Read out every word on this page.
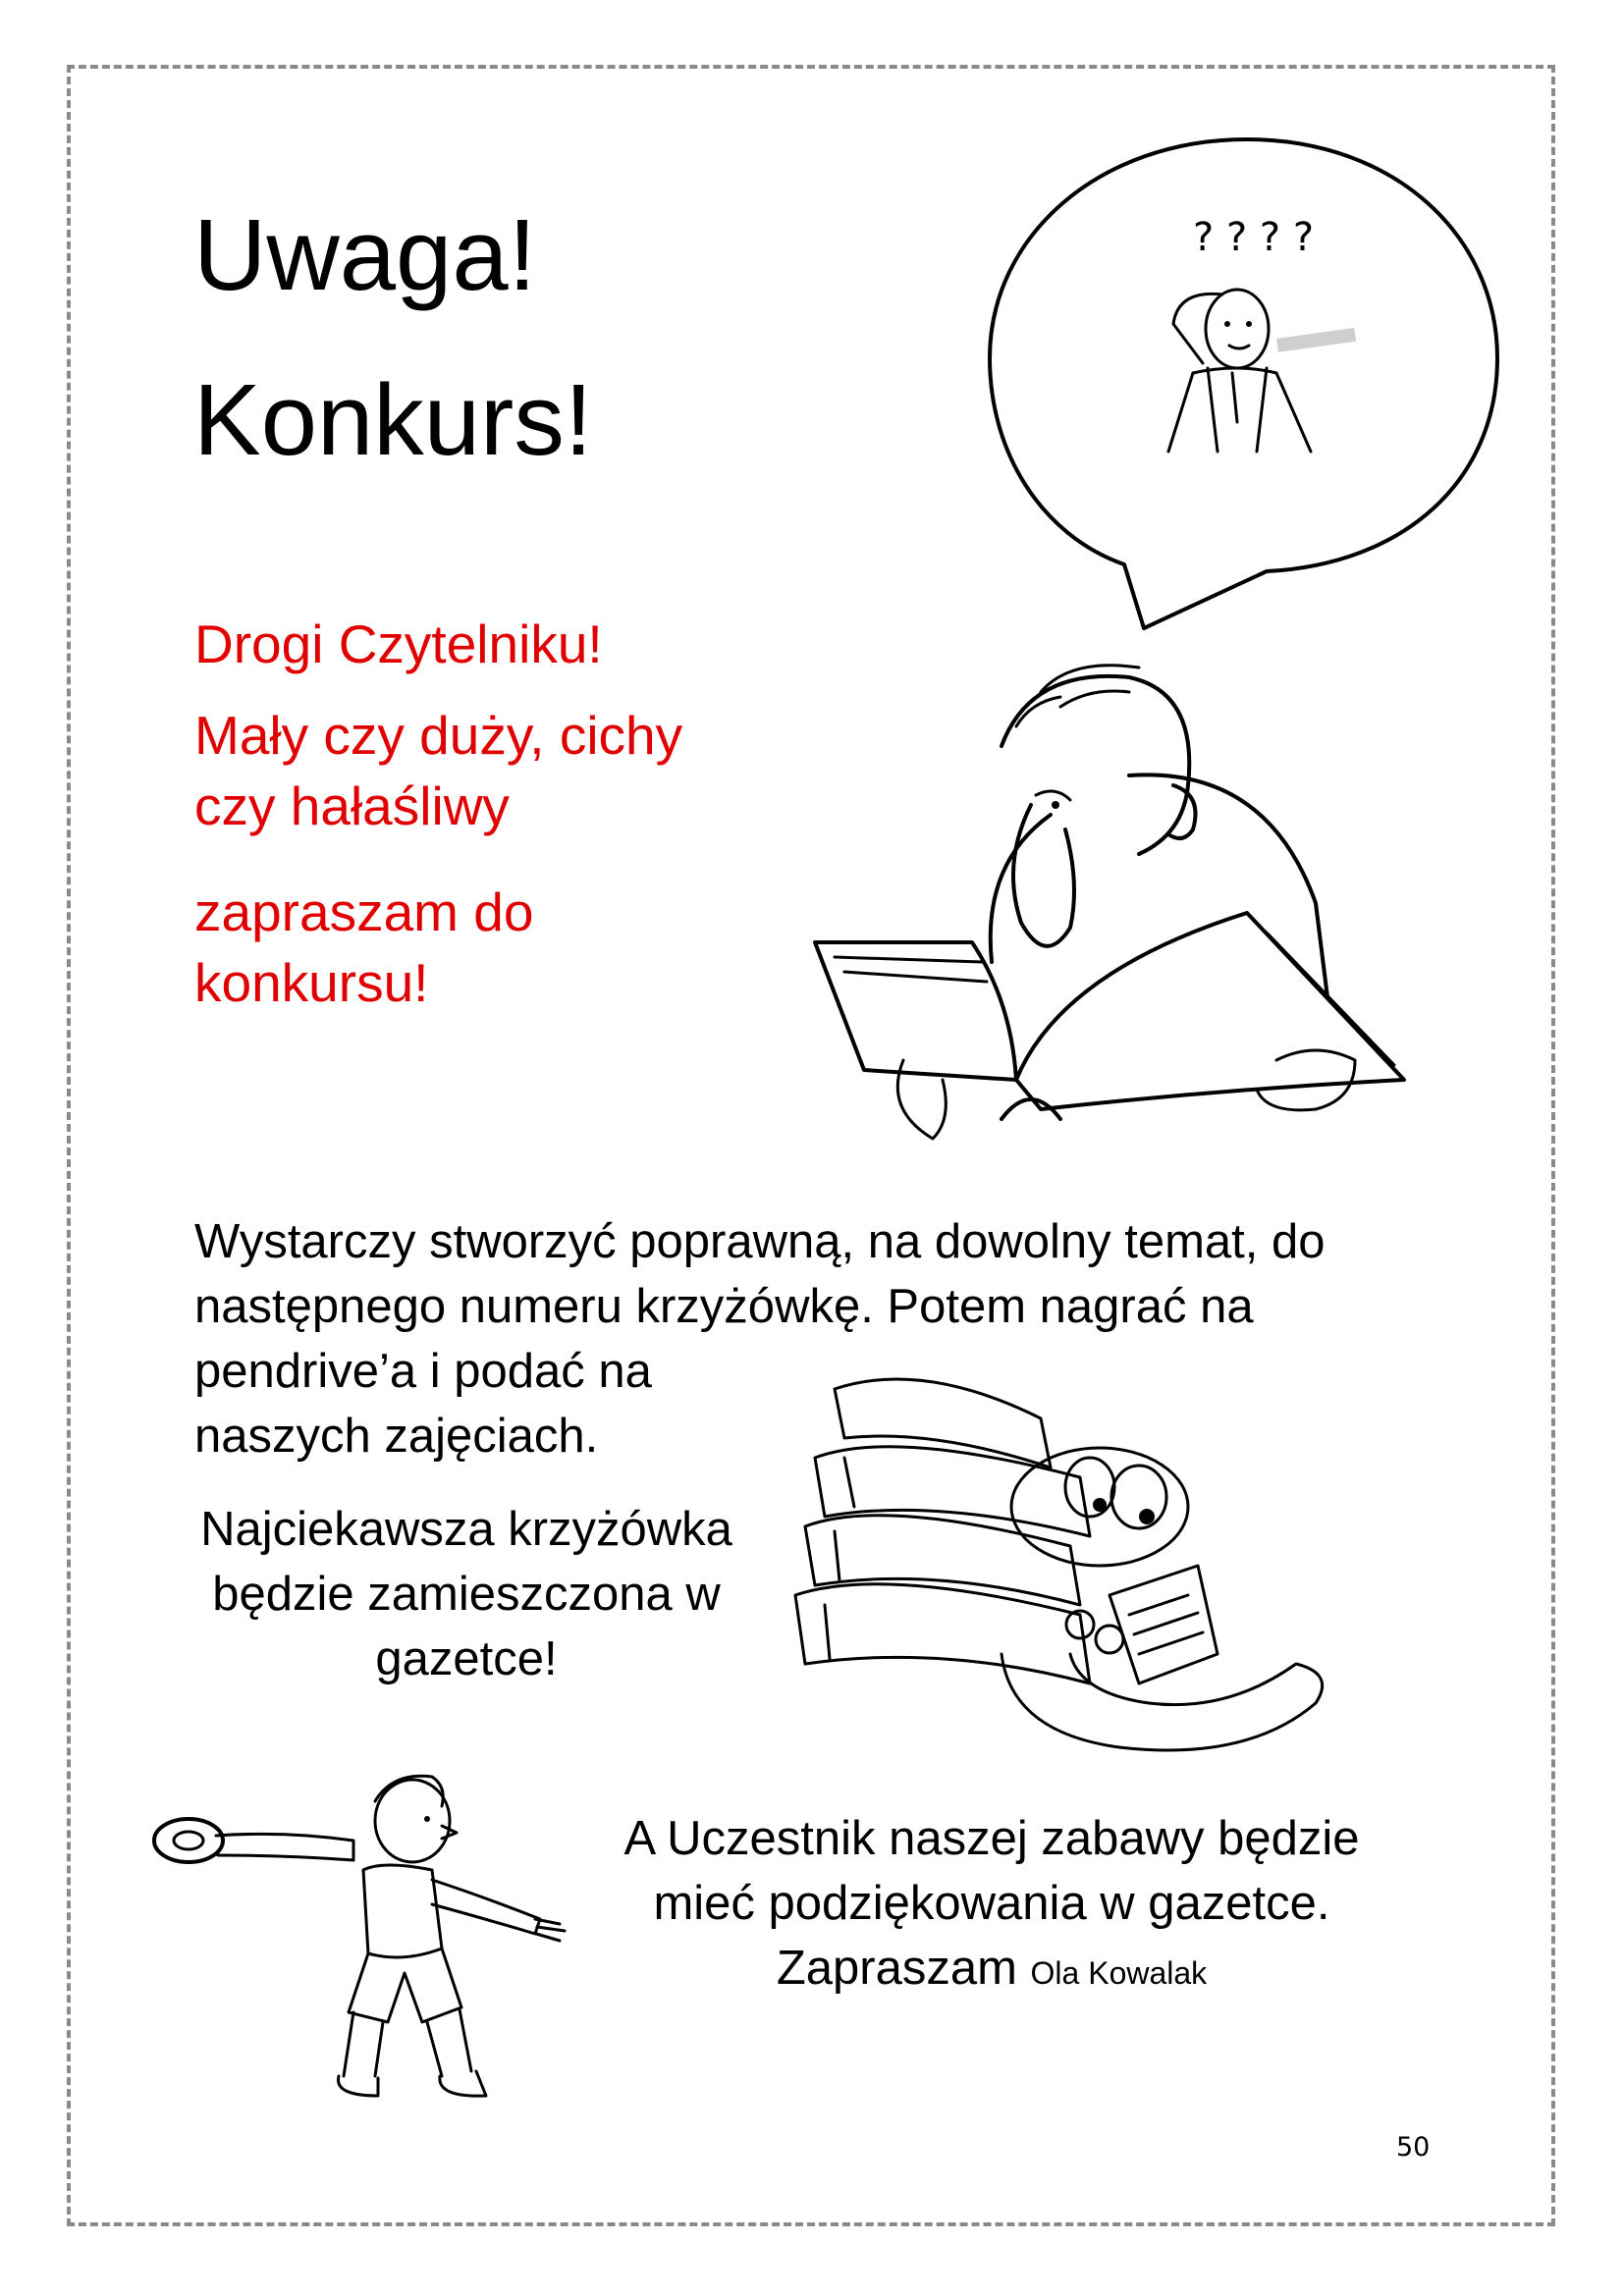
Uwaga!
Konkurs!

Drogi Czytelniku!

Mały czy duży, cichy czy hałaśliwy

zapraszam do konkursu!

Wystarczy stworzyć poprawną, na dowolny temat, do następnego numeru krzyżówkę. Potem nagrać na

pendrive’a i podać na naszych zajęciach.

Najciekawsza krzyżówka będzie zamieszczona w gazetce!

A Uczestnik naszej zabawy będzie mieć podziękowania w gazetce.
Zapraszam Ola Kowalak

50

? ? ? ?
